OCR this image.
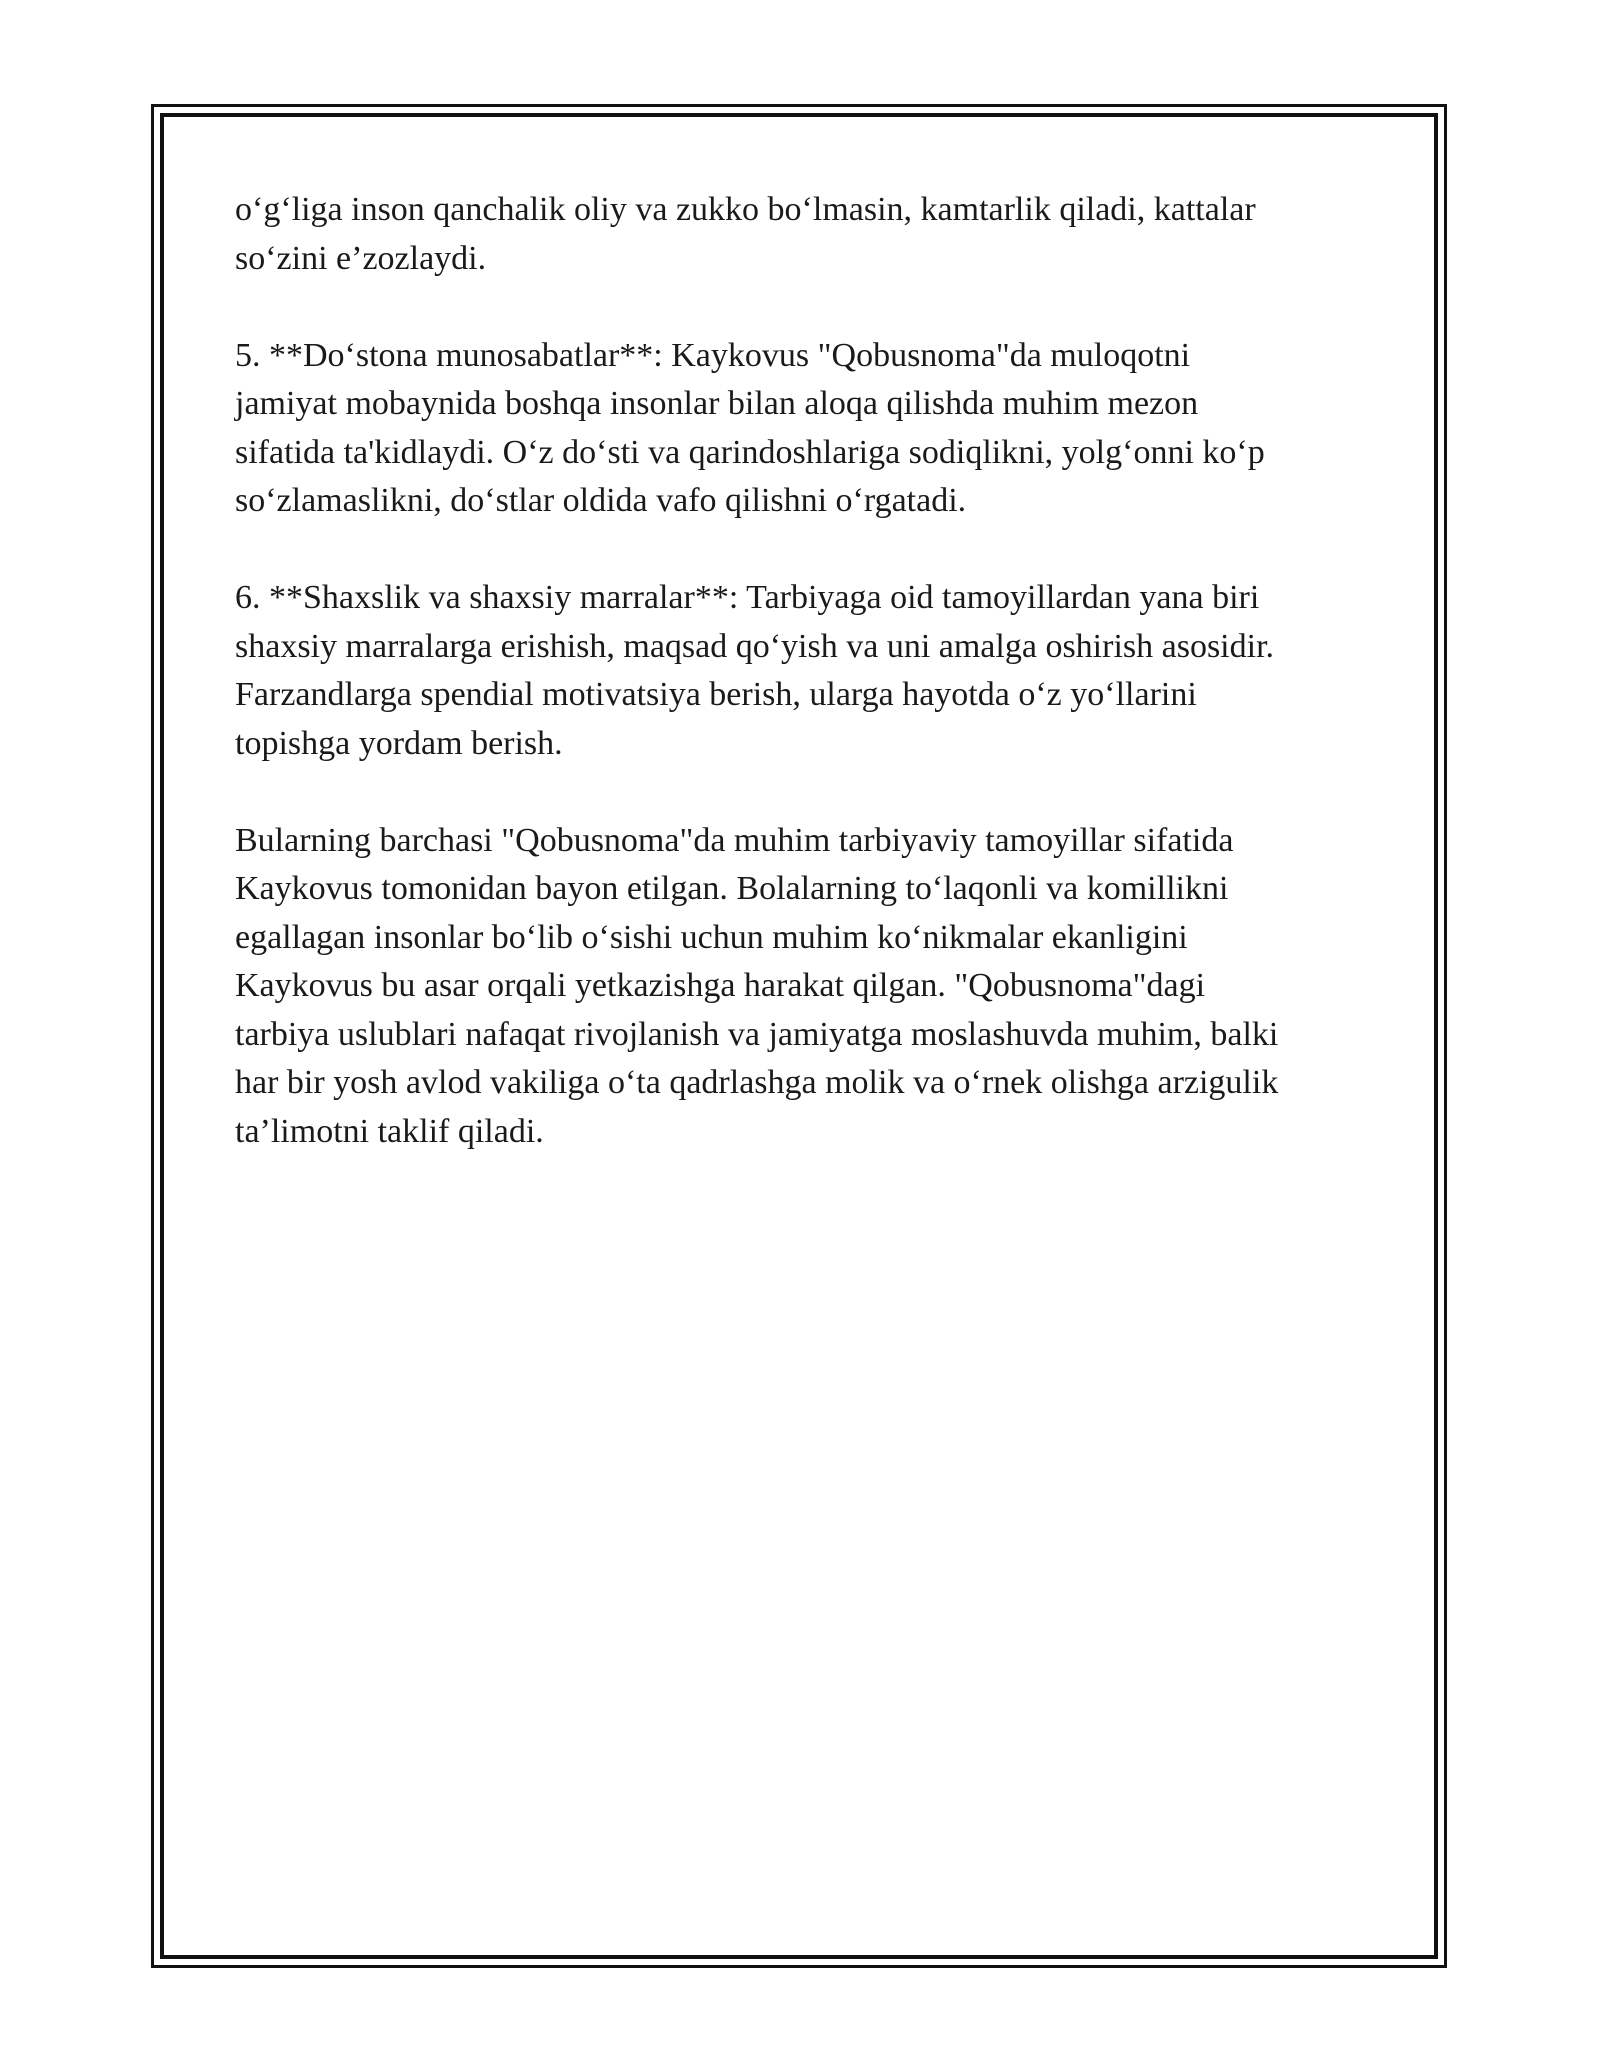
o‘g‘liga inson qanchalik oliy va zukko bo‘lmasin, kamtarlik qiladi, kattalar
so‘zini e’zozlaydi.

5. **Do‘stona munosabatlar**: Kaykovus "Qobusnoma"da muloqotni
jamiyat mobaynida boshqa insonlar bilan aloqa qilishda muhim mezon
sifatida ta'kidlaydi. O‘z do‘sti va qarindoshlariga sodiqlikni, yolg‘onni ko‘p
so‘zlamaslikni, do‘stlar oldida vafo qilishni o‘rgatadi.

6. **Shaxslik va shaxsiy marralar**: Tarbiyaga oid tamoyillardan yana biri
shaxsiy marralarga erishish, maqsad qo‘yish va uni amalga oshirish asosidir.
Farzandlarga spendial motivatsiya berish, ularga hayotda o‘z yo‘llarini
topishga yordam berish.

Bularning barchasi "Qobusnoma"da muhim tarbiyaviy tamoyillar sifatida
Kaykovus tomonidan bayon etilgan. Bolalarning to‘laqonli va komillikni
egallagan insonlar bo‘lib o‘sishi uchun muhim ko‘nikmalar ekanligini
Kaykovus bu asar orqali yetkazishga harakat qilgan. "Qobusnoma"dagi
tarbiya uslublari nafaqat rivojlanish va jamiyatga moslashuvda muhim, balki
har bir yosh avlod vakiliga o‘ta qadrlashga molik va o‘rnek olishga arzigulik
ta’limotni taklif qiladi.
